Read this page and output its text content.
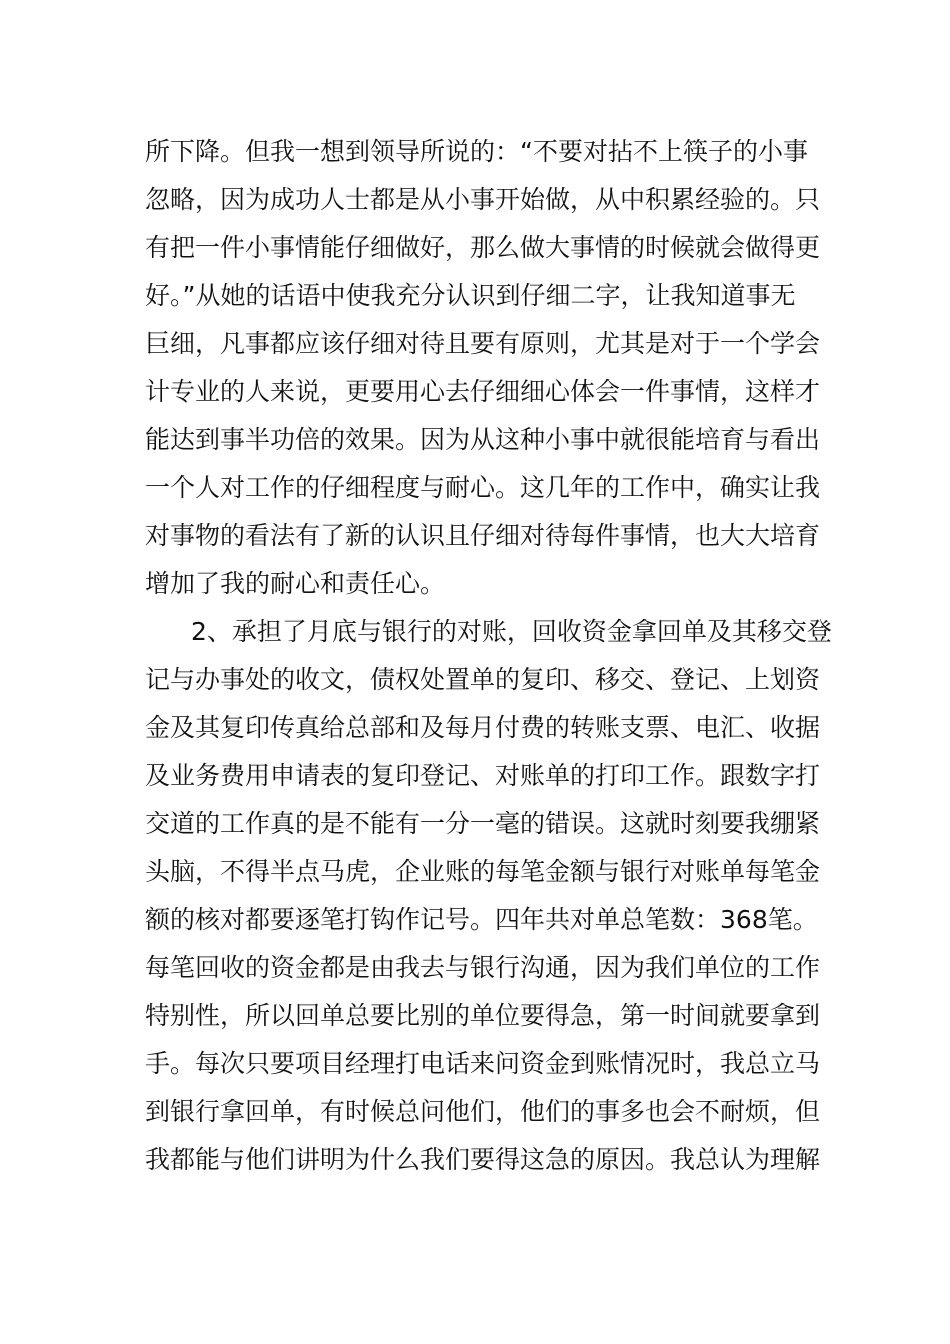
所下降。但我一想到领导所说的：“不要对拈不上筷子的小事
忽略，因为成功人士都是从小事开始做，从中积累经验的。只
有把一件小事情能仔细做好，那么做大事情的时候就会做得更
好。”从她的话语中使我充分认识到仔细二字，让我知道事无
巨细，凡事都应该仔细对待且要有原则，尤其是对于一个学会
计专业的人来说，更要用心去仔细细心体会一件事情，这样才
能达到事半功倍的效果。因为从这种小事中就很能培育与看出
一个人对工作的仔细程度与耐心。这几年的工作中，确实让我
对事物的看法有了新的认识且仔细对待每件事情，也大大培育
增加了我的耐心和责任心。
2、承担了月底与银行的对账，回收资金拿回单及其移交登
记与办事处的收文，债权处置单的复印、移交、登记、上划资
金及其复印传真给总部和及每月付费的转账支票、电汇、收据
及业务费用申请表的复印登记、对账单的打印工作。跟数字打
交道的工作真的是不能有一分一毫的错误。这就时刻要我绷紧
头脑，不得半点马虎，企业账的每笔金额与银行对账单每笔金
额的核对都要逐笔打钩作记号。四年共对单总笔数：368笔。
每笔回收的资金都是由我去与银行沟通，因为我们单位的工作
特别性，所以回单总要比别的单位要得急，第一时间就要拿到
手。每次只要项目经理打电话来问资金到账情况时，我总立马
到银行拿回单，有时候总问他们，他们的事多也会不耐烦，但
我都能与他们讲明为什么我们要得这急的原因。我总认为理解
